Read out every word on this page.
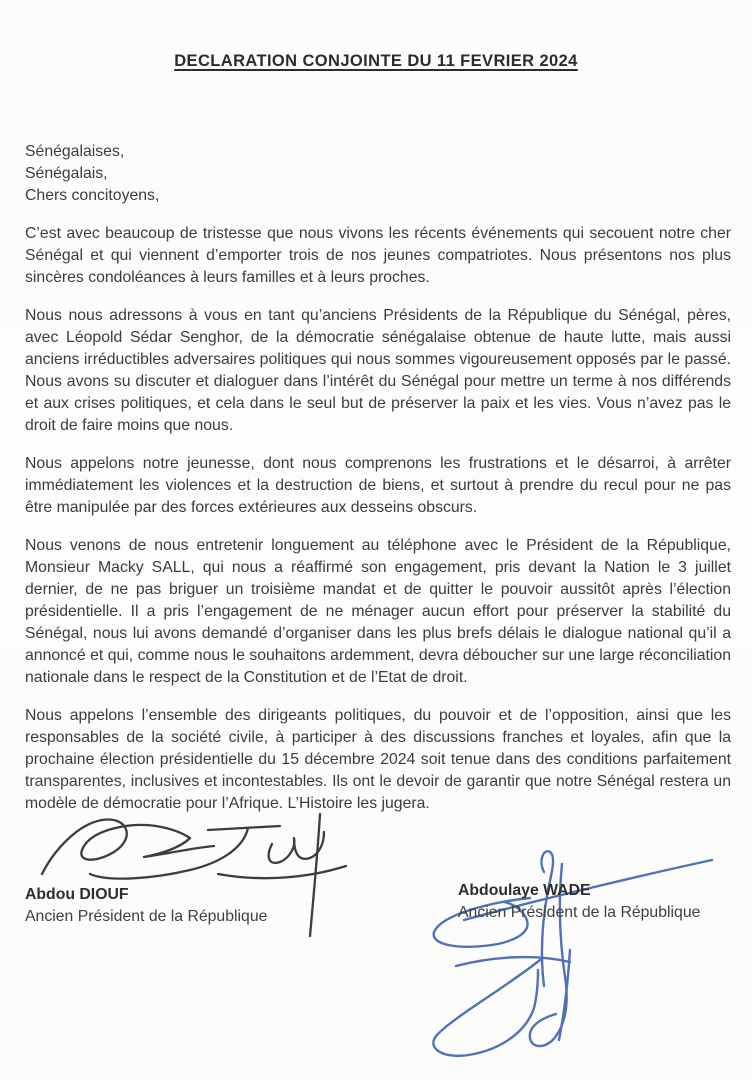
DECLARATION CONJOINTE DU 11 FEVRIER 2024
Sénégalaises,
Sénégalais,
Chers concitoyens,

C’est avec beaucoup de tristesse que nous vivons les récents événements qui secouent notre cher Sénégal et qui viennent d’emporter trois de nos jeunes compatriotes. Nous présentons nos plus sincères condoléances à leurs familles et à leurs proches.

Nous nous adressons à vous en tant qu’anciens Présidents de la République du Sénégal, pères, avec Léopold Sédar Senghor, de la démocratie sénégalaise obtenue de haute lutte, mais aussi anciens irréductibles adversaires politiques qui nous sommes vigoureusement opposés par le passé. Nous avons su discuter et dialoguer dans l’intérêt du Sénégal pour mettre un terme à nos différends et aux crises politiques, et cela dans le seul but de préserver la paix et les vies. Vous n’avez pas le droit de faire moins que nous.

Nous appelons notre jeunesse, dont nous comprenons les frustrations et le désarroi, à arrêter immédiatement les violences et la destruction de biens, et surtout à prendre du recul pour ne pas être manipulée par des forces extérieures aux desseins obscurs.

Nous venons de nous entretenir longuement au téléphone avec le Président de la République, Monsieur Macky SALL, qui nous a réaffirmé son engagement, pris devant la Nation le 3 juillet dernier, de ne pas briguer un troisième mandat et de quitter le pouvoir aussitôt après l’élection présidentielle. Il a pris l’engagement de ne ménager aucun effort pour préserver la stabilité du Sénégal, nous lui avons demandé d’organiser dans les plus brefs délais le dialogue national qu’il a annoncé et qui, comme nous le souhaitons ardemment, devra déboucher sur une large réconciliation nationale dans le respect de la Constitution et de l’Etat de droit.

Nous appelons l’ensemble des dirigeants politiques, du pouvoir et de l’opposition, ainsi que les responsables de la société civile, à participer à des discussions franches et loyales, afin que la prochaine élection présidentielle du 15 décembre 2024 soit tenue dans des conditions parfaitement transparentes, inclusives et incontestables. Ils ont le devoir de garantir que notre Sénégal restera un modèle de démocratie pour l’Afrique. L’Histoire les jugera.

Abdou DIOUF
Ancien Président de la République
Abdoulaye WADE
Ancien Président de la République
